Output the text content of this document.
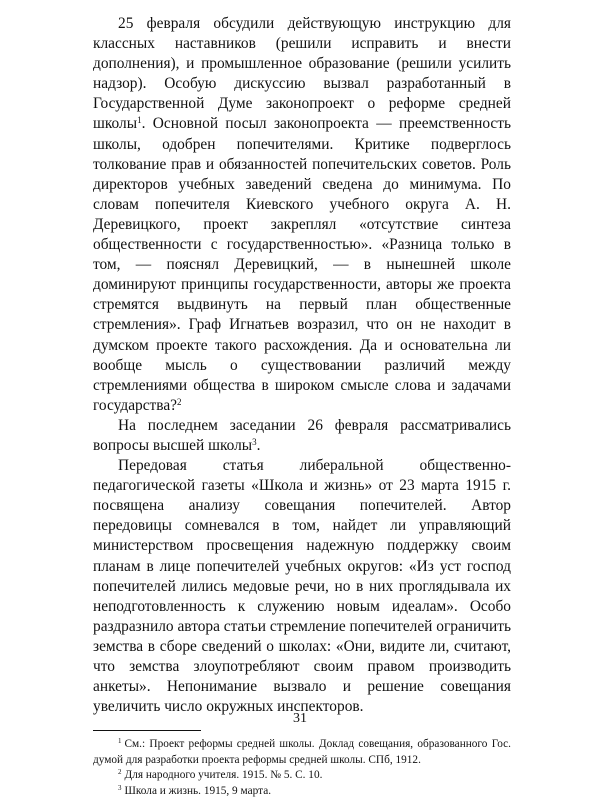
25 февраля обсудили действующую инструкцию для классных наставников (решили исправить и внести дополнения), и промышленное образование (решили усилить надзор). Особую дискуссию вызвал разработанный в Государственной Думе законопроект о реформе средней школы$^1$. Основной посыл законопроекта — преемственность школы, одобрен попечителями. Критике подверглось толкование прав и обязанностей попечительских советов. Роль директоров учебных заведений сведена до минимума. По словам попечителя Киевского учебного округа А. Н. Деревицкого, проект закреплял «отсутствие синтеза общественности с государственностью». «Разница только в том, — пояснял Деревицкий, — в нынешней школе доминируют принципы государственности, авторы же проекта стремятся выдвинуть на первый план общественные стремления». Граф Игнатьев возразил, что он не находит в думском проекте такого расхождения. Да и основательна ли вообще мысль о существовании различий между стремлениями общества в широком смысле слова и задачами государства?$^2$

На последнем заседании 26 февраля рассматривались вопросы высшей школы$^3$.

Передовая статья либеральной общественно-педагогической газеты «Школа и жизнь» от 23 марта 1915 г. посвящена анализу совещания попечителей. Автор передовицы сомневался в том, найдет ли управляющий министерством просвещения надежную поддержку своим планам в лице попечителей учебных округов: «Из уст господ попечителей лились медовые речи, но в них проглядывала их неподготовленность к служению новым идеалам». Особо раздразнило автора статьи стремление попечителей ограничить земства в сборе сведений о школах: «Они, видите ли, считают, что земства злоупотребляют своим правом производить анкеты». Непонимание вызвало и решение совещания увеличить число окружных инспекторов.

$^1$ См.: Проект реформы средней школы. Доклад совещания, образованного Гос. думой для разработки проекта реформы средней школы. СПб, 1912.

$^2$ Для народного учителя. 1915. № 5. С. 10.

$^3$ Школа и жизнь. 1915, 9 марта.

31
